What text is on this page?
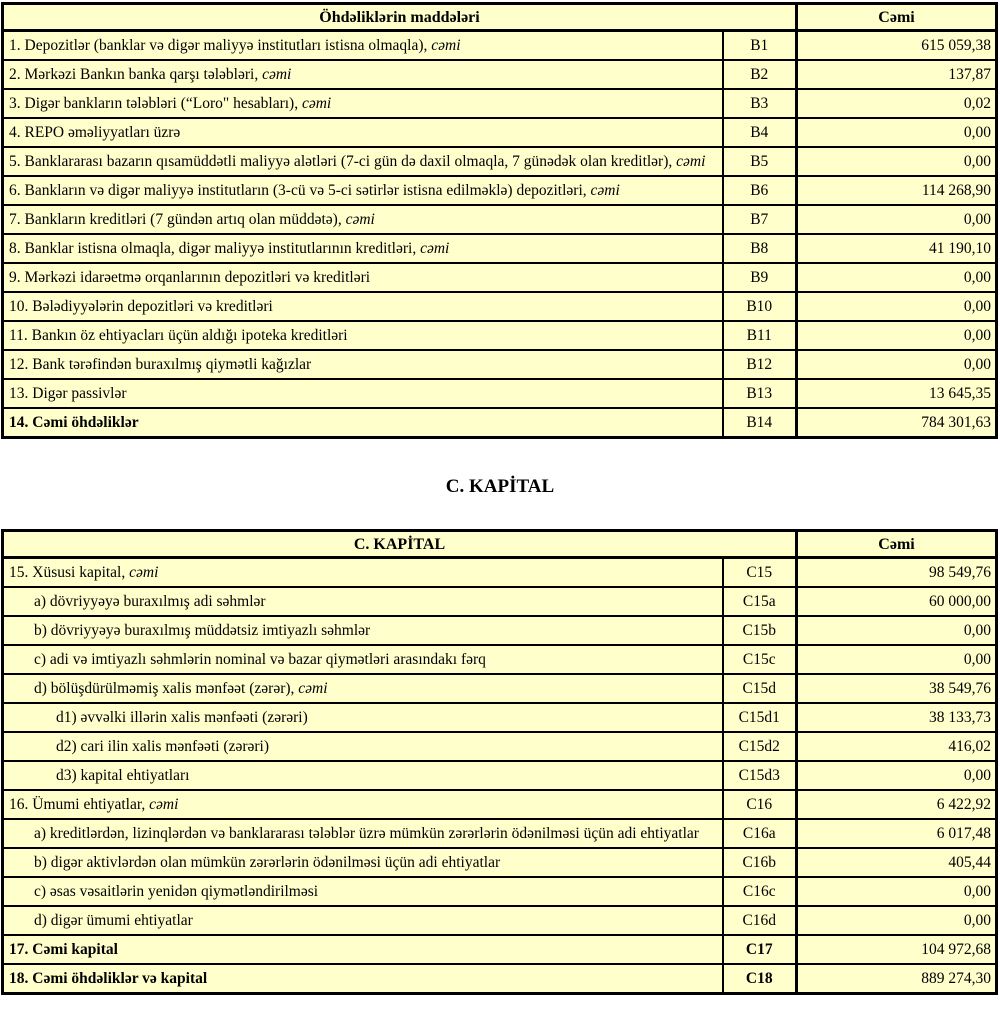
Öhdəliklərin maddələri		Cəmi
1. Depozitlər (banklar və digər maliyyə institutları istisna olmaqla), cəmi	B1	615 059,38
2. Mərkəzi Bankın banka qarşı tələbləri, cəmi	B2	137,87
3. Digər bankların tələbləri (“Loro" hesabları), cəmi	B3	0,02
4. REPO əməliyyatları üzrə	B4	0,00
5. Banklararası bazarın qısamüddətli maliyyə alətləri (7-ci gün də daxil olmaqla, 7 günədək olan kreditlər), cəmi	B5	0,00
6. Bankların və digər maliyyə institutların (3-cü və 5-ci sətirlər istisna edilməklə) depozitləri, cəmi	B6	114 268,90
7. Bankların kreditləri (7 gündən artıq olan müddətə), cəmi	B7	0,00
8. Banklar istisna olmaqla, digər maliyyə institutlarının kreditləri, cəmi	B8	41 190,10
9. Mərkəzi idarəetmə orqanlarının depozitləri və kreditləri	B9	0,00
10. Bələdiyyələrin depozitləri və kreditləri	B10	0,00
11. Bankın öz ehtiyacları üçün aldığı ipoteka kreditləri	B11	0,00
12. Bank tərəfindən buraxılmış qiymətli kağızlar	B12	0,00
13. Digər passivlər	B13	13 645,35
14. Cəmi öhdəliklər	B14	784 301,63
C. KAPİTAL
C. KAPİTAL		Cəmi
15. Xüsusi kapital, cəmi	C15	98 549,76
a) dövriyyəyə buraxılmış adi səhmlər	C15a	60 000,00
b) dövriyyəyə buraxılmış müddətsiz imtiyazlı səhmlər	C15b	0,00
c) adi və imtiyazlı səhmlərin nominal və bazar qiymətləri arasındakı fərq	C15c	0,00
d) bölüşdürülməmiş xalis mənfəət (zərər), cəmi	C15d	38 549,76
d1) əvvəlki illərin xalis mənfəəti (zərəri)	C15d1	38 133,73
d2) cari ilin xalis mənfəəti (zərəri)	C15d2	416,02
d3) kapital ehtiyatları	C15d3	0,00
16. Ümumi ehtiyatlar, cəmi	C16	6 422,92
a) kreditlərdən, lizinqlərdən və banklararası tələblər üzrə mümkün zərərlərin ödənilməsi üçün adi ehtiyatlar	C16a	6 017,48
b) digər aktivlərdən olan mümkün zərərlərin ödənilməsi üçün adi ehtiyatlar	C16b	405,44
c) əsas vəsaitlərin yenidən qiymətləndirilməsi	C16c	0,00
d) digər ümumi ehtiyatlar	C16d	0,00
17. Cəmi kapital	C17	104 972,68
18. Cəmi öhdəliklər və kapital	C18	889 274,30
